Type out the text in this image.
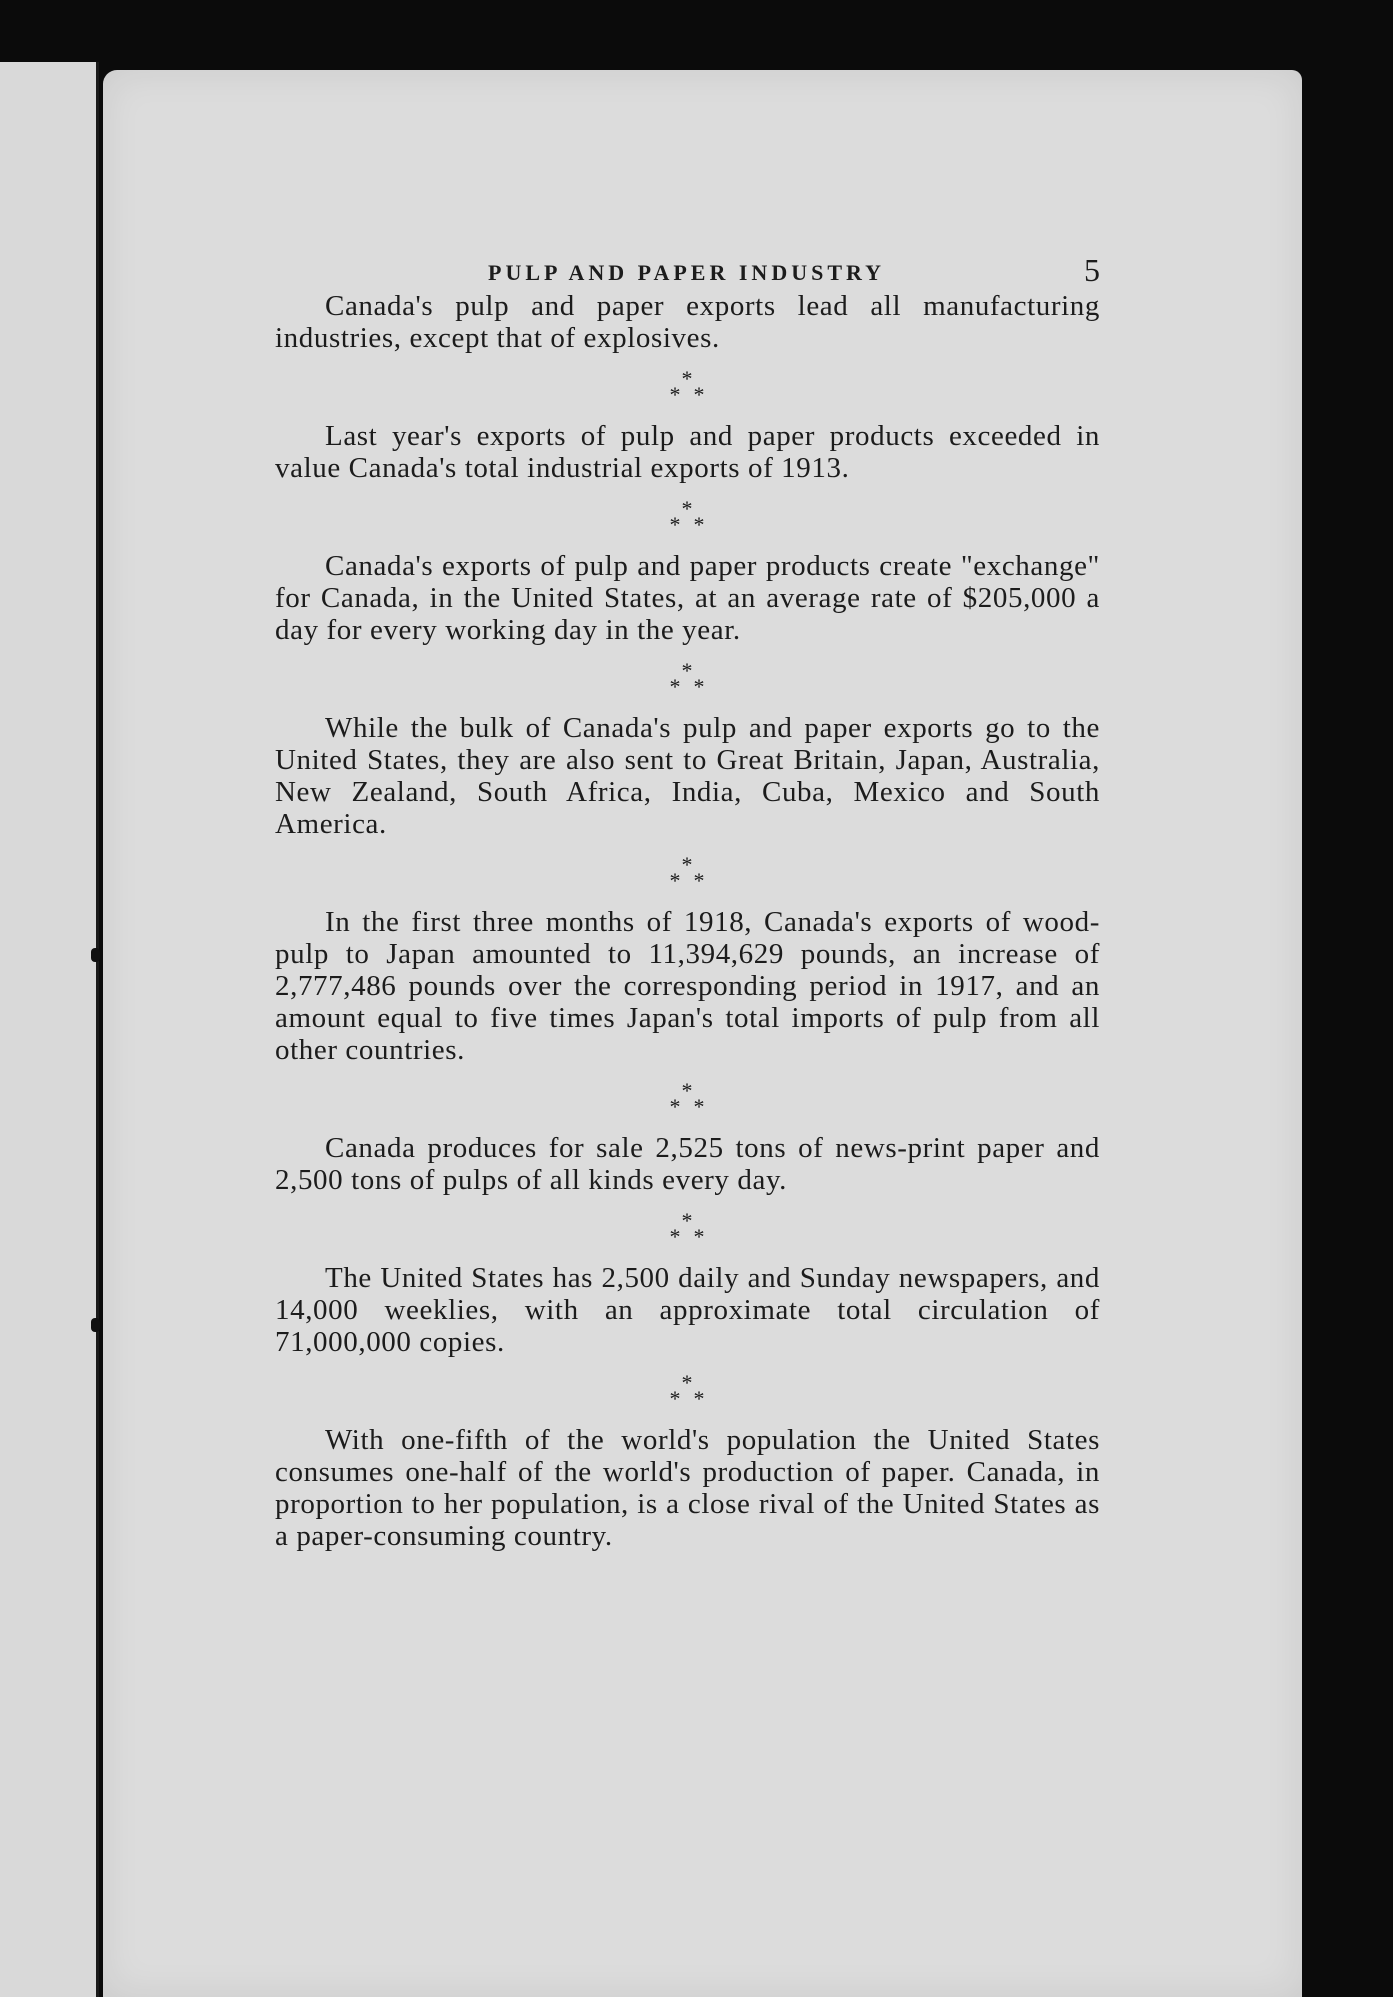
PULP AND PAPER INDUSTRY	5

Canada's pulp and paper exports lead all manufacturing industries, except that of explosives.

*
* *

Last year's exports of pulp and paper products exceeded in value Canada's total industrial exports of 1913.

*
* *

Canada's exports of pulp and paper products create "exchange" for Canada, in the United States, at an average rate of $205,000 a day for every working day in the year.

*
* *

While the bulk of Canada's pulp and paper exports go to the United States, they are also sent to Great Britain, Japan, Australia, New Zealand, South Africa, India, Cuba, Mexico and South America.

*
* *

In the first three months of 1918, Canada's exports of wood-pulp to Japan amounted to 11,394,629 pounds, an increase of 2,777,486 pounds over the corresponding period in 1917, and an amount equal to five times Japan's total imports of pulp from all other countries.

*
* *

Canada produces for sale 2,525 tons of news-print paper and 2,500 tons of pulps of all kinds every day.

*
* *

The United States has 2,500 daily and Sunday newspapers, and 14,000 weeklies, with an approximate total circulation of 71,000,000 copies.

*
* *

With one-fifth of the world's population the United States consumes one-half of the world's production of paper. Canada, in proportion to her population, is a close rival of the United States as a paper-consuming country.
